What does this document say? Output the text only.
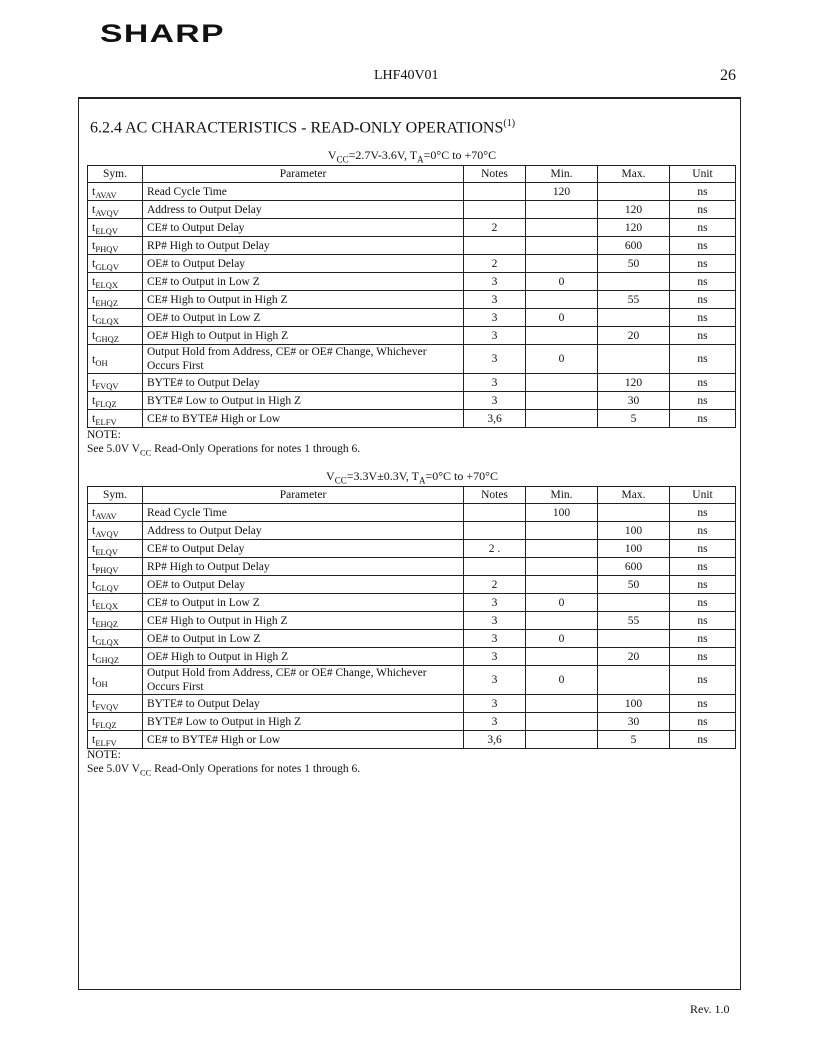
SHARP
LHF40V01	26
6.2.4 AC CHARACTERISTICS - READ-ONLY OPERATIONS$^{(1)}$
$V_{CC}=2.7V-3.6V$, $T_A=0^\circ C$ to +70°C
Sym.	Parameter	Notes	Min.	Max.	Unit
$t_{AVAV}$	Read Cycle Time		120		ns
$t_{AVQV}$	Address to Output Delay			120	ns
$t_{ELQV}$	CE# to Output Delay	2		120	ns
$t_{PHQV}$	RP# High to Output Delay			600	ns
$t_{GLQV}$	OE# to Output Delay	2		50	ns
$t_{ELQX}$	CE# to Output in Low Z	3	0		ns
$t_{EHQZ}$	CE# High to Output in High Z	3		55	ns
$t_{GLQX}$	OE# to Output in Low Z	3	0		ns
$t_{GHQZ}$	OE# High to Output in High Z	3		20	ns
$t_{OH}$	Output Hold from Address, CE# or OE# Change, Whichever Occurs First	3	0		ns
$t_{FVQV}$	BYTE# to Output Delay	3		120	ns
$t_{FLQZ}$	BYTE# Low to Output in High Z	3		30	ns
$t_{ELFV}$	CE# to BYTE# High or Low	3,6		5	ns
NOTE:
See 5.0V $V_{CC}$ Read-Only Operations for notes 1 through 6.
$V_{CC}=3.3V\pm 0.3V$, $T_A=0^\circ C$ to +70°C
Sym.	Parameter	Notes	Min.	Max.	Unit
$t_{AVAV}$	Read Cycle Time		100		ns
$t_{AVQV}$	Address to Output Delay			100	ns
$t_{ELQV}$	CE# to Output Delay	2 .		100	ns
$t_{PHQV}$	RP# High to Output Delay			600	ns
$t_{GLQV}$	OE# to Output Delay	2		50	ns
$t_{ELQX}$	CE# to Output in Low Z	3	0		ns
$t_{EHQZ}$	CE# High to Output in High Z	3		55	ns
$t_{GLQX}$	OE# to Output in Low Z	3	0		ns
$t_{GHQZ}$	OE# High to Output in High Z	3		20	ns
$t_{OH}$	Output Hold from Address, CE# or OE# Change, Whichever Occurs First	3	0		ns
$t_{FVQV}$	BYTE# to Output Delay	3		100	ns
$t_{FLQZ}$	BYTE# Low to Output in High Z	3		30	ns
$t_{ELFV}$	CE# to BYTE# High or Low	3,6		5	ns
NOTE:
See 5.0V $V_{CC}$ Read-Only Operations for notes 1 through 6.
Rev. 1.0
